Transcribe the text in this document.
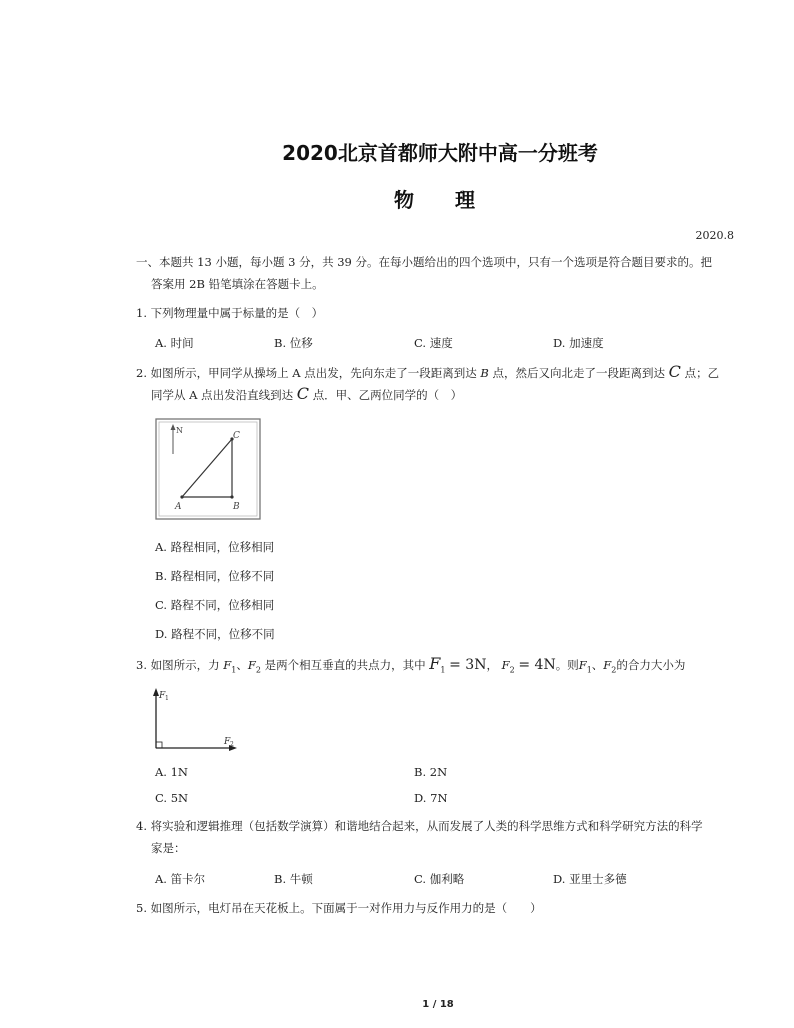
2020北京首都师大附中高一分班考
物 理
2020.8
一、本题共 13 小题，每小题 3 分，共 39 分。在每小题给出的四个选项中，只有一个选项是符合题目要求的。把
答案用 2B 铅笔填涂在答题卡上。
1. 下列物理量中属于标量的是（　）
A. 时间	B. 位移	C. 速度	D. 加速度
2. 如图所示，甲同学从操场上 A 点出发，先向东走了一段距离到达 B 点，然后又向北走了一段距离到达 C 点；乙
同学从 A 点出发沿直线到达 C 点．甲、乙两位同学的（　）
N
A	B
C
A. 路程相同，位移相同
B. 路程相同，位移不同
C. 路程不同，位移相同
D. 路程不同，位移不同
3. 如图所示，力 $F_1$、$F_2$ 是两个相互垂直的共点力，其中 $F_1 = 3N$， $F_2 = 4N$。则$F_1$、$F_2$的合力大小为
F 1
F 2
A. 1N	B. 2N
C. 5N	D. 7N
4. 将实验和逻辑推理（包括数学演算）和谐地结合起来，从而发展了人类的科学思维方式和科学研究方法的科学
家是：
A. 笛卡尔	B. 牛顿	C. 伽利略	D. 亚里士多德
5. 如图所示，电灯吊在天花板上。下面属于一对作用力与反作用力的是（　　）
1 / 18
